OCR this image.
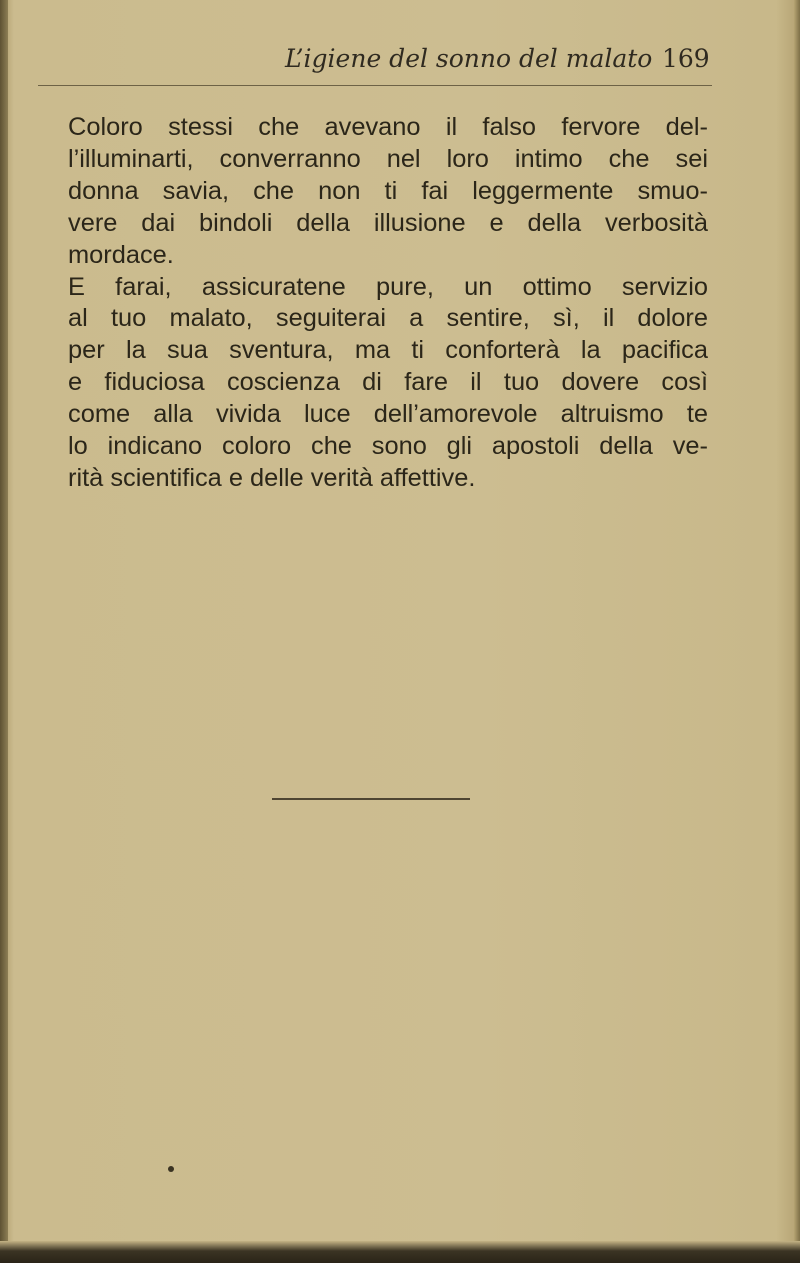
L’igiene del sonno del malato 169
Coloro stessi che avevano il falso fervore del-
l’illuminarti, converranno nel loro intimo che sei
donna savia, che non ti fai leggermente smuo-
vere dai bindoli della illusione e della verbosità
mordace.
E farai, assicuratene pure, un ottimo servizio
al tuo malato, seguiterai a sentire, sì, il dolore
per la sua sventura, ma ti conforterà la pacifica
e fiduciosa coscienza di fare il tuo dovere così
come alla vivida luce dell’amorevole altruismo te
lo indicano coloro che sono gli apostoli della ve-
rità scientifica e delle verità affettive.
